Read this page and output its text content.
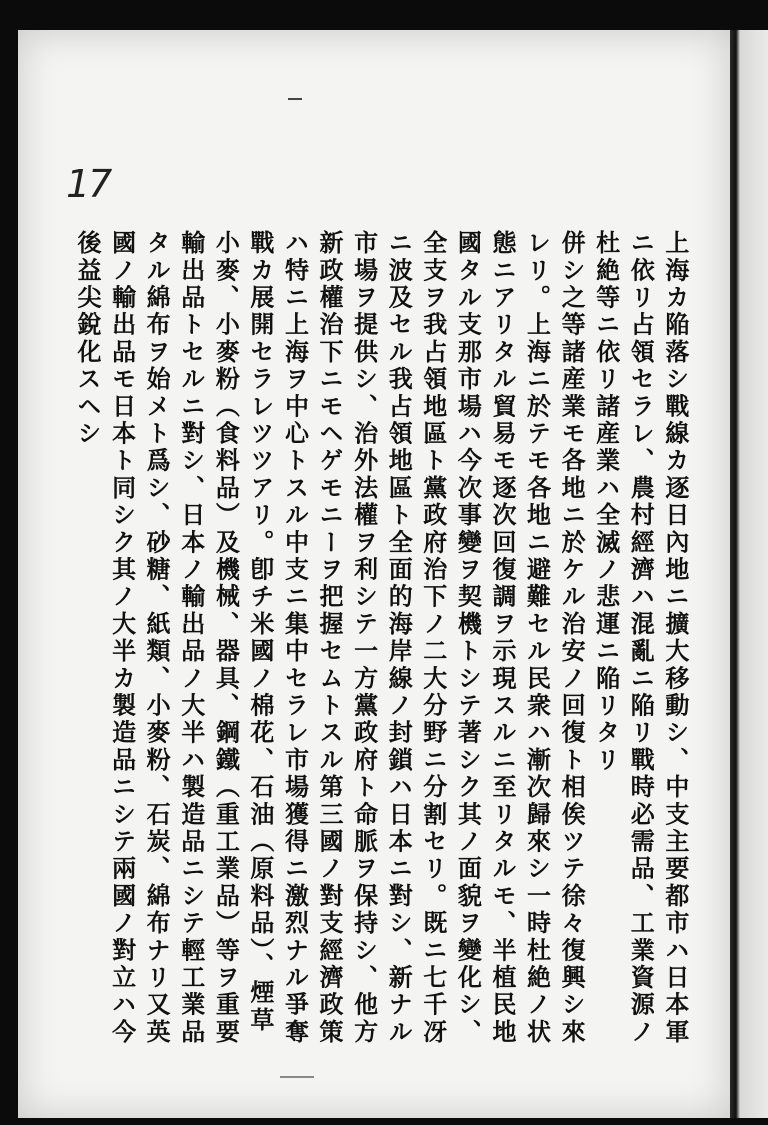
17
上海カ陥落シ戰線カ逐日內地ニ擴大移動シ、中支主要都市ハ日本軍
ニ依リ占領セラレ、農村經濟ハ混亂ニ陥リ戰時必需品、工業資源ノ
杜絶等ニ依リ諸産業ハ全滅ノ悲運ニ陥リタリ
併シ之等諸産業モ各地ニ於ケル治安ノ回復ト相俟ツテ徐々復興シ來
レリ。上海ニ於テモ各地ニ避難セル民衆ハ漸次歸來シ一時杜絶ノ状
態ニアリタル貿易モ逐次回復調ヲ示現スルニ至リタルモ、半植民地
國タル支那市場ハ今次事變ヲ契機トシテ著シク其ノ面貌ヲ變化シ、
全支ヲ我占領地區ト黨政府治下ノ二大分野ニ分割セリ。既ニ七千冴
ニ波及セル我占領地區ト全面的海岸線ノ封鎖ハ日本ニ對シ、新ナル
市場ヲ提供シ、治外法權ヲ利シテ一方黨政府ト命脈ヲ保持シ、他方
新政權治下ニモヘゲモニーヲ把握セムトスル第三國ノ對支經濟政策
ハ特ニ上海ヲ中心トスル中支ニ集中セラレ市場獲得ニ激烈ナル爭奪
戰カ展開セラレツツアリ。卽チ米國ノ棉花、石油（原料品）、煙草
小麥、小麥粉（食料品）及機械、器具、鋼鐵（重工業品）等ヲ重要
輸出品トセルニ對シ、日本ノ輸出品ノ大半ハ製造品ニシテ輕工業品
タル綿布ヲ始メト爲シ、砂糖、紙類、小麥粉、石炭、綿布ナリ又英
國ノ輸出品モ日本ト同シク其ノ大半カ製造品ニシテ兩國ノ對立ハ今
後益尖銳化スヘシ
